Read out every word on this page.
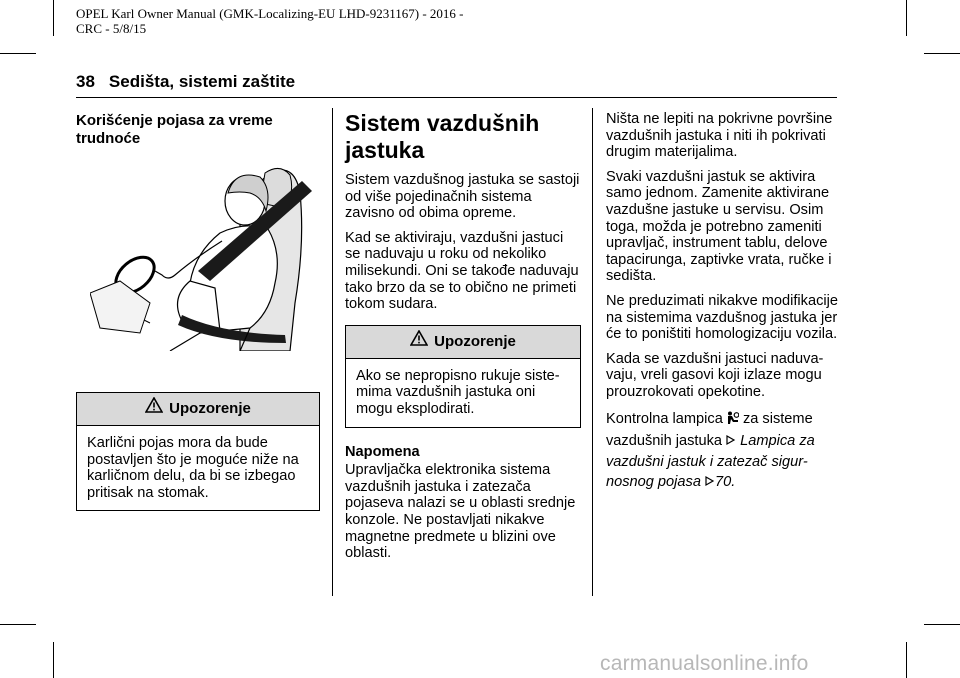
OPEL Karl Owner Manual (GMK-Localizing-EU LHD-9231167) - 2016 -
CRC - 5/8/15
38 Sedišta, sistemi zaštite
Korišćenje pojasa za vreme trudnoće
Upozorenje
Karlični pojas mora da bude postavljen što je moguće niže na karličnom delu, da bi se izbegao pritisak na stomak.
Sistem vazdušnih jastuka

Sistem vazdušnog jastuka se sastoji od više pojedinačnih sistema zavisno od obima opreme.

Kad se aktiviraju, vazdušni jastuci se naduvaju u roku od nekoliko milisekundi. Oni se takođe naduvaju tako brzo da se to obično ne primeti tokom sudara.

Upozorenje
Ako se nepropisno rukuje siste-mima vazdušnih jastuka oni mogu eksplodirati.
Napomena
Upravljačka elektronika sistema vazdušnih jastuka i zatezača pojaseva nalazi se u oblasti srednje konzole. Ne postavljati nikakve magnetne predmete u blizini ove oblasti.

Ništa ne lepiti na pokrivne površine vazdušnih jastuka i niti ih pokrivati drugim materijalima.

Svaki vazdušni jastuk se aktivira samo jednom. Zamenite aktivirane vazdušne jastuke u servisu. Osim toga, možda je potrebno zameniti upravljač, instrument tablu, delove tapacirunga, zaptivke vrata, ručke i sedišta.

Ne preduzimati nikakve modifikacije na sistemima vazdušnog jastuka jer će to poništiti homologizaciju vozila.

Kada se vazdušni jastuci naduva-vaju, vreli gasovi koji izlaze mogu prouzrokovati opekotine.

Kontrolna lampica za sisteme vazdušnih jastuka Lampica za vazdušni jastuk i zatezač sigur-nosnog pojasa 70.

carmanualsonline.info
